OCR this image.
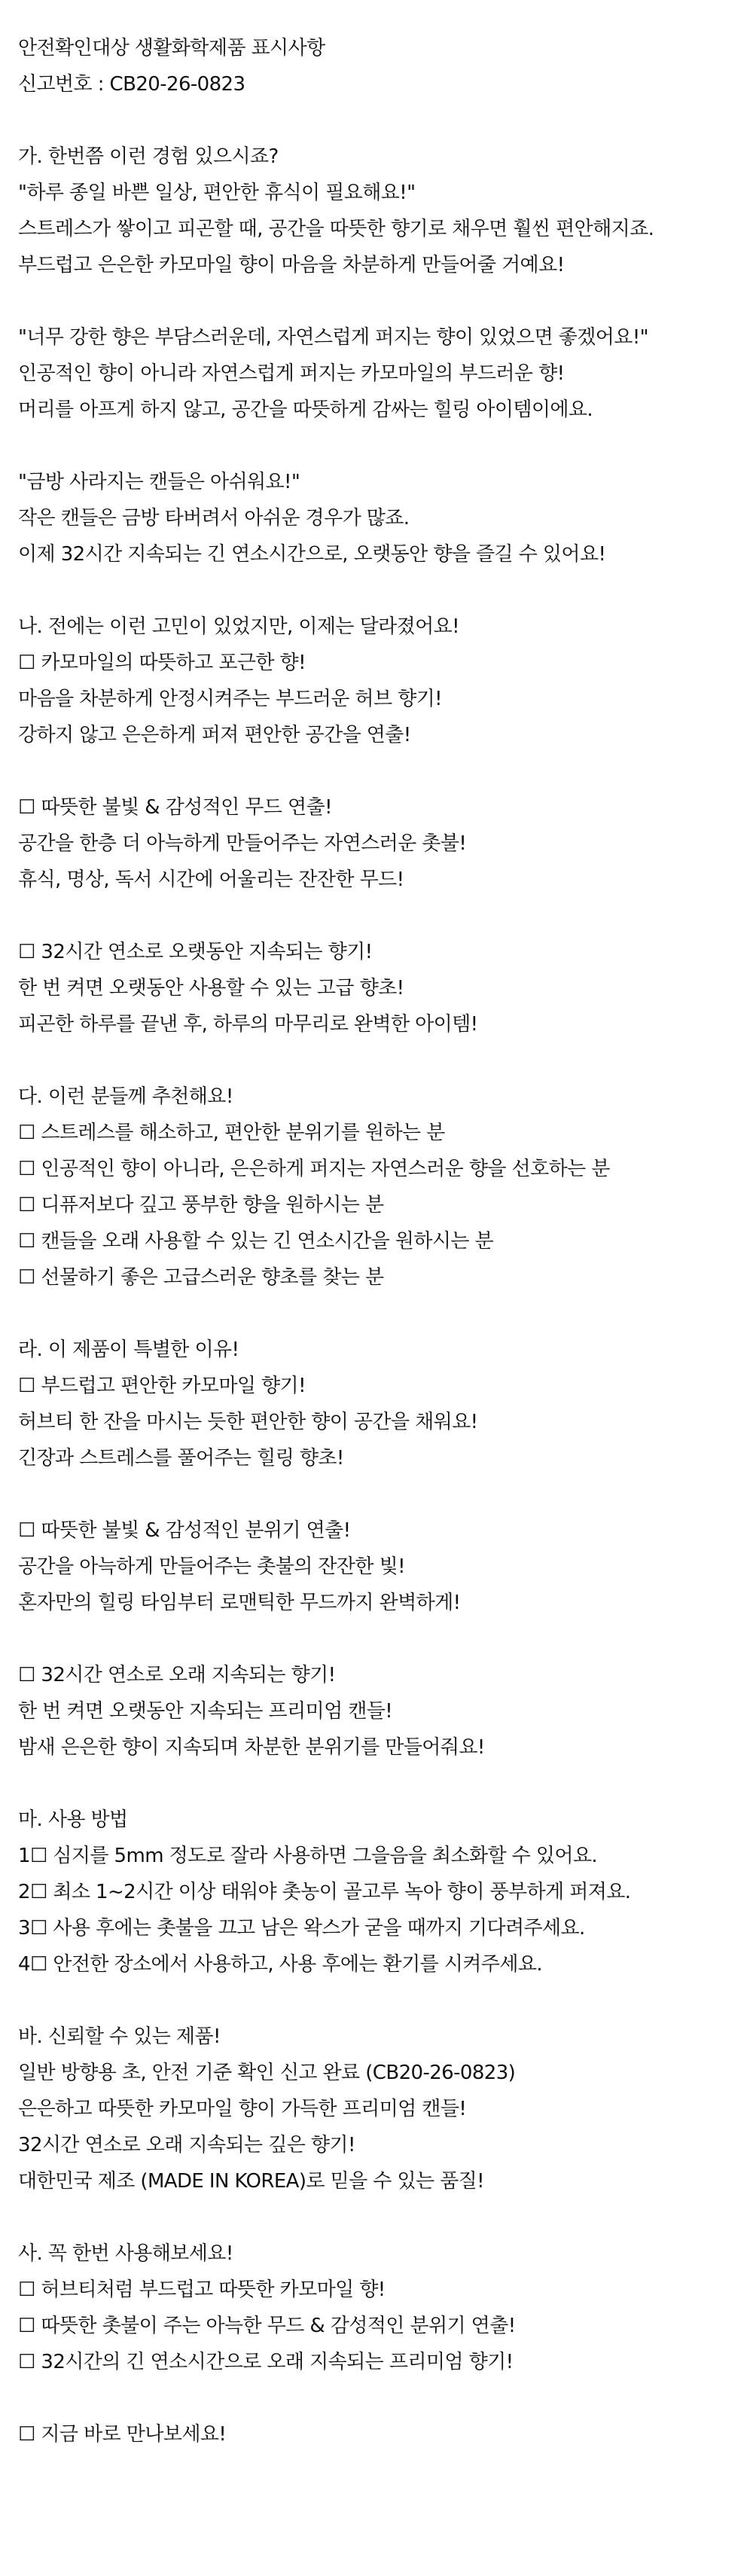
안전확인대상 생활화학제품 표시사항
신고번호 : CB20-26-0823
가. 한번쯤 이런 경험 있으시죠?
"하루 종일 바쁜 일상, 편안한 휴식이 필요해요!"
스트레스가 쌓이고 피곤할 때, 공간을 따뜻한 향기로 채우면 훨씬 편안해지죠.
부드럽고 은은한 카모마일 향이 마음을 차분하게 만들어줄 거예요!
"너무 강한 향은 부담스러운데, 자연스럽게 퍼지는 향이 있었으면 좋겠어요!"
인공적인 향이 아니라 자연스럽게 퍼지는 카모마일의 부드러운 향!
머리를 아프게 하지 않고, 공간을 따뜻하게 감싸는 힐링 아이템이에요.
"금방 사라지는 캔들은 아쉬워요!"
작은 캔들은 금방 타버려서 아쉬운 경우가 많죠.
이제 32시간 지속되는 긴 연소시간으로, 오랫동안 향을 즐길 수 있어요!
나. 전에는 이런 고민이 있었지만, 이제는 달라졌어요!
☐ 카모마일의 따뜻하고 포근한 향!
마음을 차분하게 안정시켜주는 부드러운 허브 향기!
강하지 않고 은은하게 퍼져 편안한 공간을 연출!
☐ 따뜻한 불빛 & 감성적인 무드 연출!
공간을 한층 더 아늑하게 만들어주는 자연스러운 촛불!
휴식, 명상, 독서 시간에 어울리는 잔잔한 무드!
☐ 32시간 연소로 오랫동안 지속되는 향기!
한 번 켜면 오랫동안 사용할 수 있는 고급 향초!
피곤한 하루를 끝낸 후, 하루의 마무리로 완벽한 아이템!
다. 이런 분들께 추천해요!
☐ 스트레스를 해소하고, 편안한 분위기를 원하는 분
☐ 인공적인 향이 아니라, 은은하게 퍼지는 자연스러운 향을 선호하는 분
☐ 디퓨저보다 깊고 풍부한 향을 원하시는 분
☐ 캔들을 오래 사용할 수 있는 긴 연소시간을 원하시는 분
☐ 선물하기 좋은 고급스러운 향초를 찾는 분
라. 이 제품이 특별한 이유!
☐ 부드럽고 편안한 카모마일 향기!
허브티 한 잔을 마시는 듯한 편안한 향이 공간을 채워요!
긴장과 스트레스를 풀어주는 힐링 향초!
☐ 따뜻한 불빛 & 감성적인 분위기 연출!
공간을 아늑하게 만들어주는 촛불의 잔잔한 빛!
혼자만의 힐링 타임부터 로맨틱한 무드까지 완벽하게!
☐ 32시간 연소로 오래 지속되는 향기!
한 번 켜면 오랫동안 지속되는 프리미엄 캔들!
밤새 은은한 향이 지속되며 차분한 분위기를 만들어줘요!
마. 사용 방법
1☐ 심지를 5mm 정도로 잘라 사용하면 그을음을 최소화할 수 있어요.
2☐ 최소 1~2시간 이상 태워야 촛농이 골고루 녹아 향이 풍부하게 퍼져요.
3☐ 사용 후에는 촛불을 끄고 남은 왁스가 굳을 때까지 기다려주세요.
4☐ 안전한 장소에서 사용하고, 사용 후에는 환기를 시켜주세요.
바. 신뢰할 수 있는 제품!
일반 방향용 초, 안전 기준 확인 신고 완료 (CB20-26-0823)
은은하고 따뜻한 카모마일 향이 가득한 프리미엄 캔들!
32시간 연소로 오래 지속되는 깊은 향기!
대한민국 제조 (MADE IN KOREA)로 믿을 수 있는 품질!
사. 꼭 한번 사용해보세요!
☐ 허브티처럼 부드럽고 따뜻한 카모마일 향!
☐ 따뜻한 촛불이 주는 아늑한 무드 & 감성적인 분위기 연출!
☐ 32시간의 긴 연소시간으로 오래 지속되는 프리미엄 향기!
☐ 지금 바로 만나보세요!
